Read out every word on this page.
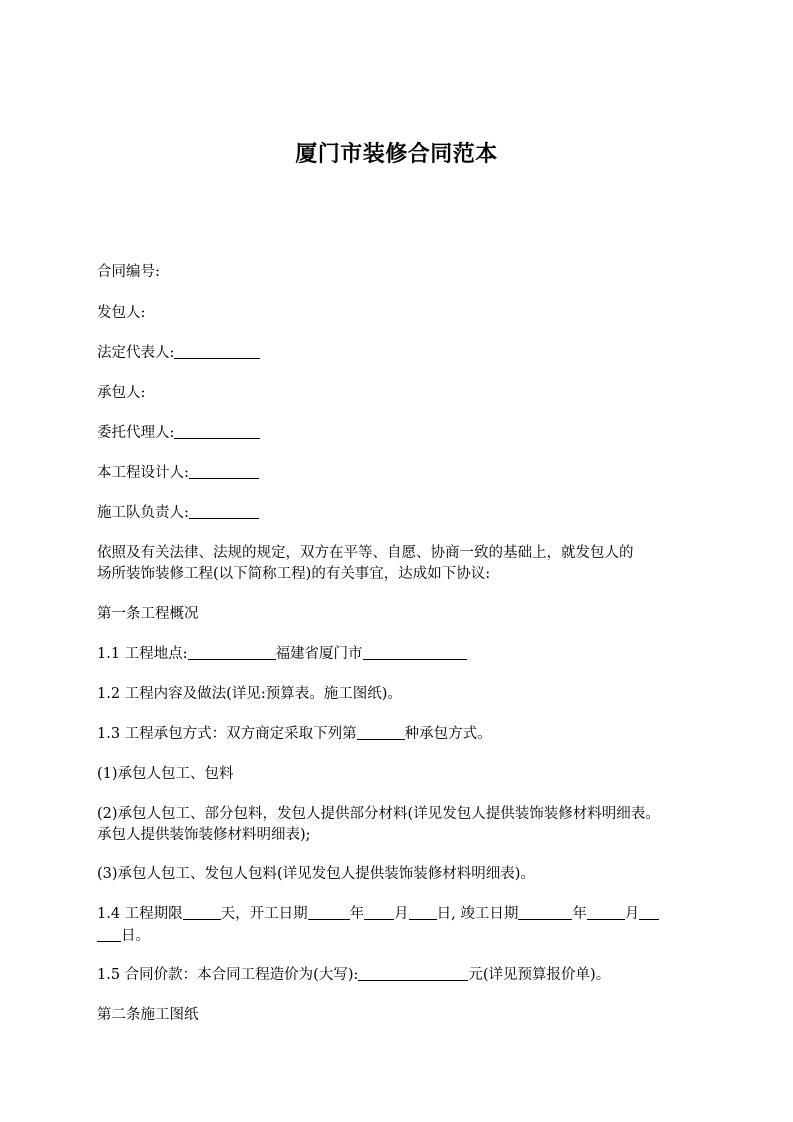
厦门市装修合同范本
合同编号:
发包人:
法定代表人:
承包人:
委托代理人:
本工程设计人:
施工队负责人:
依照及有关法律、法规的规定，双方在平等、自愿、协商一致的基础上，就发包人的
场所装饰装修工程(以下简称工程)的有关事宜，达成如下协议:
第一条工程概况
1.1 工程地点:	福建省厦门市
1.2 工程内容及做法(详见:预算表。施工图纸)。
1.3 工程承包方式：双方商定采取下列第	种承包方式。
(1)承包人包工、包料
(2)承包人包工、部分包料，发包人提供部分材料(详见发包人提供装饰装修材料明细表。
承包人提供装饰装修材料明细表);
(3)承包人包工、发包人包料(详见发包人提供装饰装修材料明细表)。
1.4 工程期限	天，开工日期	年 月 日, 竣工日期	年	月
日。
1.5 合同价款：本合同工程造价为(大写):	元(详见预算报价单)。
第二条施工图纸
